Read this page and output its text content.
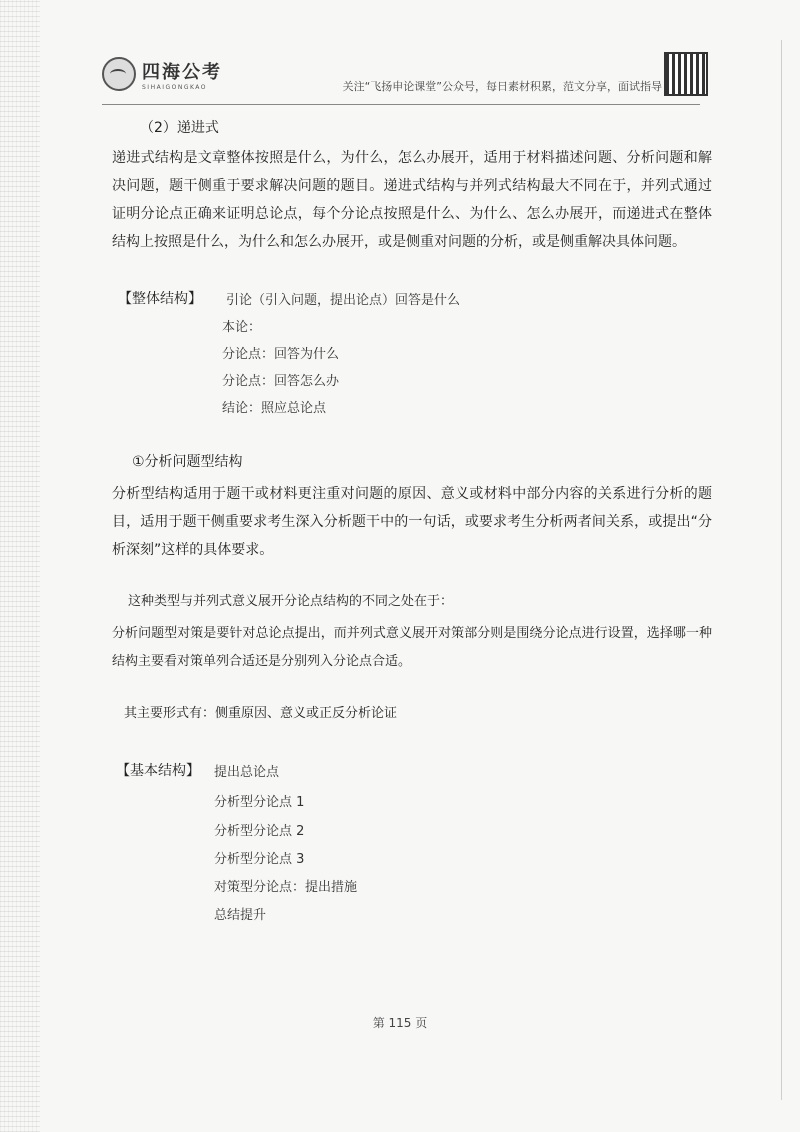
四海公考
SIHAIGONGKAO	关注“飞扬申论课堂”公众号，每日素材积累，范文分享，面试指导
（2）递进式
递进式结构是文章整体按照是什么，为什么，怎么办展开，适用于材料描述问题、分析问题和解决问题，题干侧重于要求解决问题的题目。递进式结构与并列式结构最大不同在于，并列式通过证明分论点正确来证明总论点，每个分论点按照是什么、为什么、怎么办展开，而递进式在整体结构上按照是什么，为什么和怎么办展开，或是侧重对问题的分析，或是侧重解决具体问题。
【整体结构】 引论（引入问题，提出论点）回答是什么
本论：
分论点：回答为什么
分论点：回答怎么办
结论：照应总论点
①分析问题型结构
分析型结构适用于题干或材料更注重对问题的原因、意义或材料中部分内容的关系进行分析的题目，适用于题干侧重要求考生深入分析题干中的一句话，或要求考生分析两者间关系，或提出“分析深刻”这样的具体要求。
这种类型与并列式意义展开分论点结构的不同之处在于：
分析问题型对策是要针对总论点提出，而并列式意义展开对策部分则是围绕分论点进行设置，选择哪一种结构主要看对策单列合适还是分别列入分论点合适。
其主要形式有：侧重原因、意义或正反分析论证
【基本结构】 提出总论点
分析型分论点 1
分析型分论点 2
分析型分论点 3
对策型分论点：提出措施
总结提升
第 115 页
